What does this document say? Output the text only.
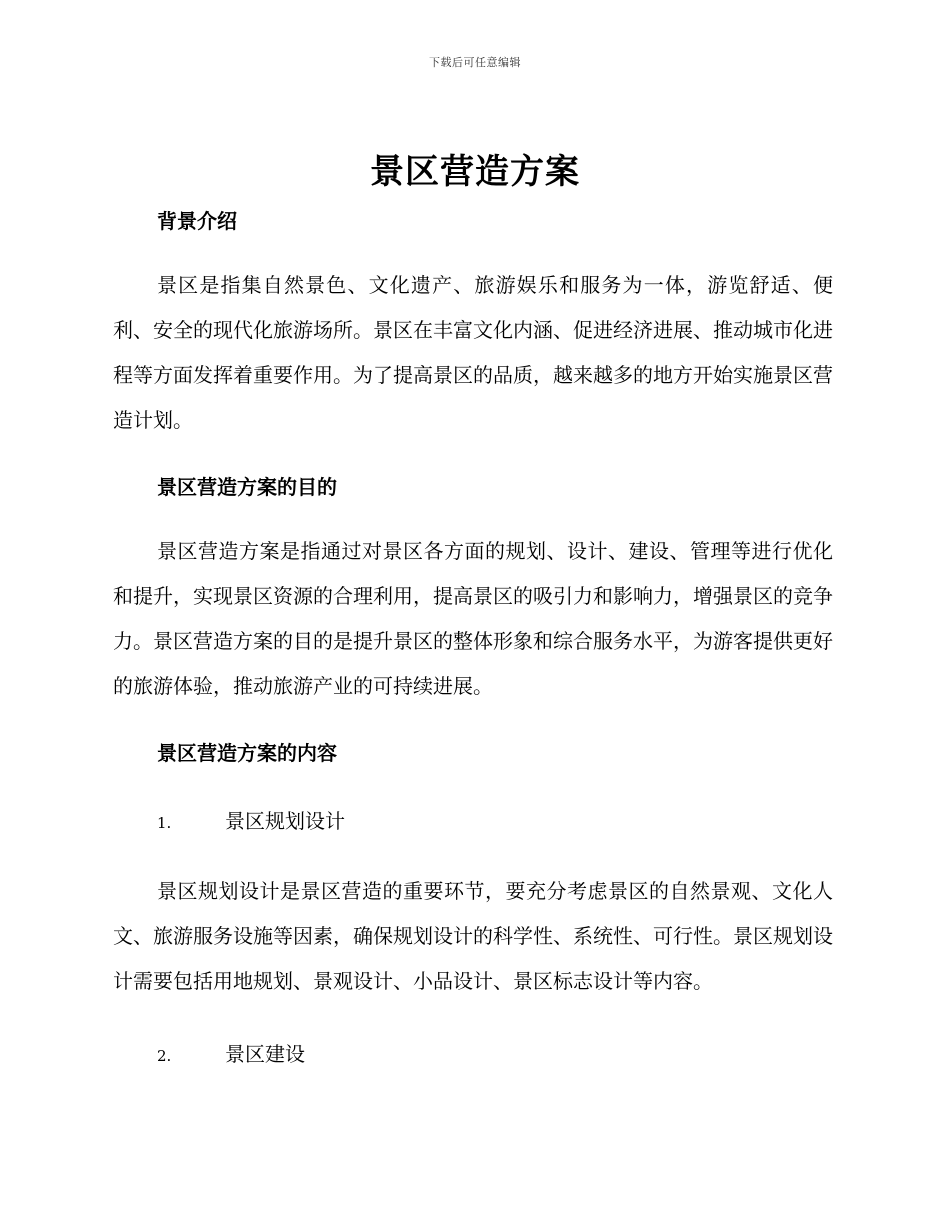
下载后可任意编辑
景区营造方案
背景介绍

景区是指集自然景色、文化遗产、旅游娱乐和服务为一体，游览舒适、便利、安全的现代化旅游场所。景区在丰富文化内涵、促进经济进展、推动城市化进程等方面发挥着重要作用。为了提高景区的品质，越来越多的地方开始实施景区营造计划。

景区营造方案的目的

景区营造方案是指通过对景区各方面的规划、设计、建设、管理等进行优化和提升，实现景区资源的合理利用，提高景区的吸引力和影响力，增强景区的竞争力。景区营造方案的目的是提升景区的整体形象和综合服务水平，为游客提供更好的旅游体验，推动旅游产业的可持续进展。

景区营造方案的内容
1.	景区规划设计

景区规划设计是景区营造的重要环节，要充分考虑景区的自然景观、文化人文、旅游服务设施等因素，确保规划设计的科学性、系统性、可行性。景区规划设计需要包括用地规划、景观设计、小品设计、景区标志设计等内容。

2.	景区建设
